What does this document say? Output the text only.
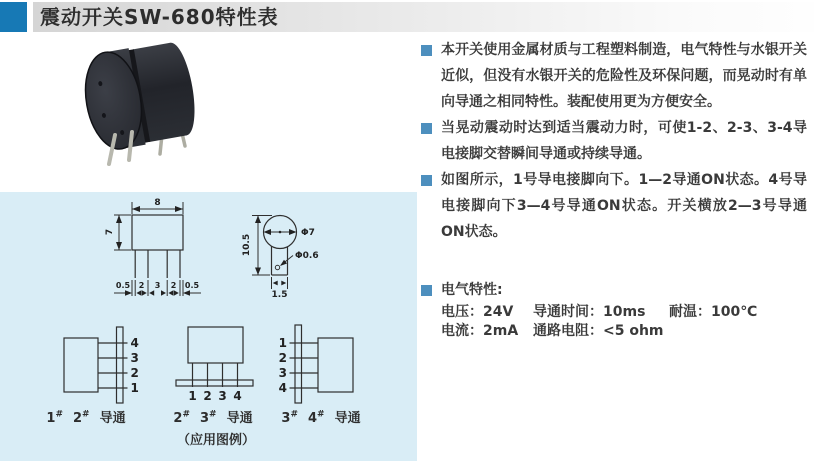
震动开关SW-680特性表
8
7
0.5 2 3 2 0.5
Φ7
10.5	Φ0.6
1.5
4
3
2
1
1 2 3 4
1
2
3
4
1# 2# 导通	2# 3# 导通	3# 4# 导通
（应用图例）

本开关使用金属材质与工程塑料制造，电气特性与水银开关近似，但没有水银开关的危险性及环保问题，而晃动时有单向导通之相同特性。装配使用更为方便安全。

当晃动震动时达到适当震动力时，可使1-2、2-3、3-4导电接脚交替瞬间导通或持续导通。

如图所示，1号导电接脚向下。1—2导通ON状态。4号导电接脚向下3—4号导通ON状态。开关横放2—3号导通ON状态。

电气特性:

电压：24V	导通时间：10ms	耐温：100℃
电流：2mA	通路电阻：<5 ohm
